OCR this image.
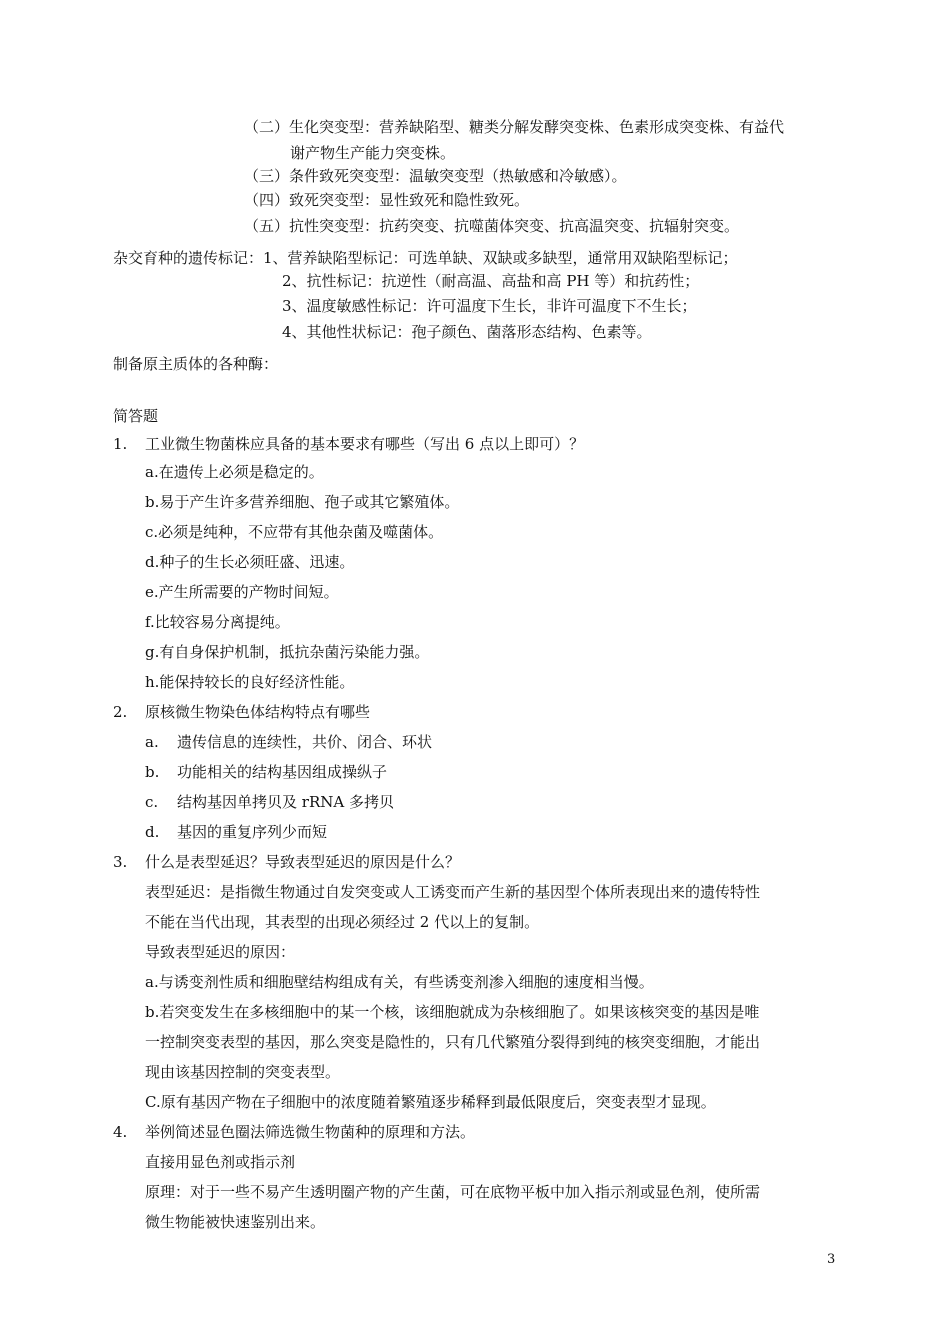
（二）生化突变型：营养缺陷型、糖类分解发酵突变株、色素形成突变株、有益代
谢产物生产能力突变株。
（三）条件致死突变型：温敏突变型（热敏感和冷敏感）。
（四）致死突变型：显性致死和隐性致死。
（五）抗性突变型：抗药突变、抗噬菌体突变、抗高温突变、抗辐射突变。
杂交育种的遗传标记：1、营养缺陷型标记：可选单缺、双缺或多缺型，通常用双缺陷型标记；
2、抗性标记：抗逆性（耐高温、高盐和高 PH 等）和抗药性；
3、温度敏感性标记：许可温度下生长，非许可温度下不生长；
4、其他性状标记：孢子颜色、菌落形态结构、色素等。
制备原主质体的各种酶：
简答题
1. 工业微生物菌株应具备的基本要求有哪些（写出 6 点以上即可）？
a.在遗传上必须是稳定的。
b.易于产生许多营养细胞、孢子或其它繁殖体。
c.必须是纯种，不应带有其他杂菌及噬菌体。
d.种子的生长必须旺盛、迅速。
e.产生所需要的产物时间短。
f.比较容易分离提纯。
g.有自身保护机制，抵抗杂菌污染能力强。
h.能保持较长的良好经济性能。
2. 原核微生物染色体结构特点有哪些
a. 遗传信息的连续性，共价、闭合、环状
b. 功能相关的结构基因组成操纵子
c. 结构基因单拷贝及 rRNA 多拷贝
d. 基因的重复序列少而短
3. 什么是表型延迟？导致表型延迟的原因是什么？
表型延迟：是指微生物通过自发突变或人工诱变而产生新的基因型个体所表现出来的遗传特性
不能在当代出现，其表型的出现必须经过 2 代以上的复制。
导致表型延迟的原因：
a.与诱变剂性质和细胞壁结构组成有关，有些诱变剂渗入细胞的速度相当慢。
b.若突变发生在多核细胞中的某一个核，该细胞就成为杂核细胞了。如果该核突变的基因是唯
一控制突变表型的基因，那么突变是隐性的，只有几代繁殖分裂得到纯的核突变细胞，才能出
现由该基因控制的突变表型。
C.原有基因产物在子细胞中的浓度随着繁殖逐步稀释到最低限度后，突变表型才显现。
4. 举例简述显色圈法筛选微生物菌种的原理和方法。
直接用显色剂或指示剂
原理：对于一些不易产生透明圈产物的产生菌，可在底物平板中加入指示剂或显色剂，使所需
微生物能被快速鉴别出来。
3
